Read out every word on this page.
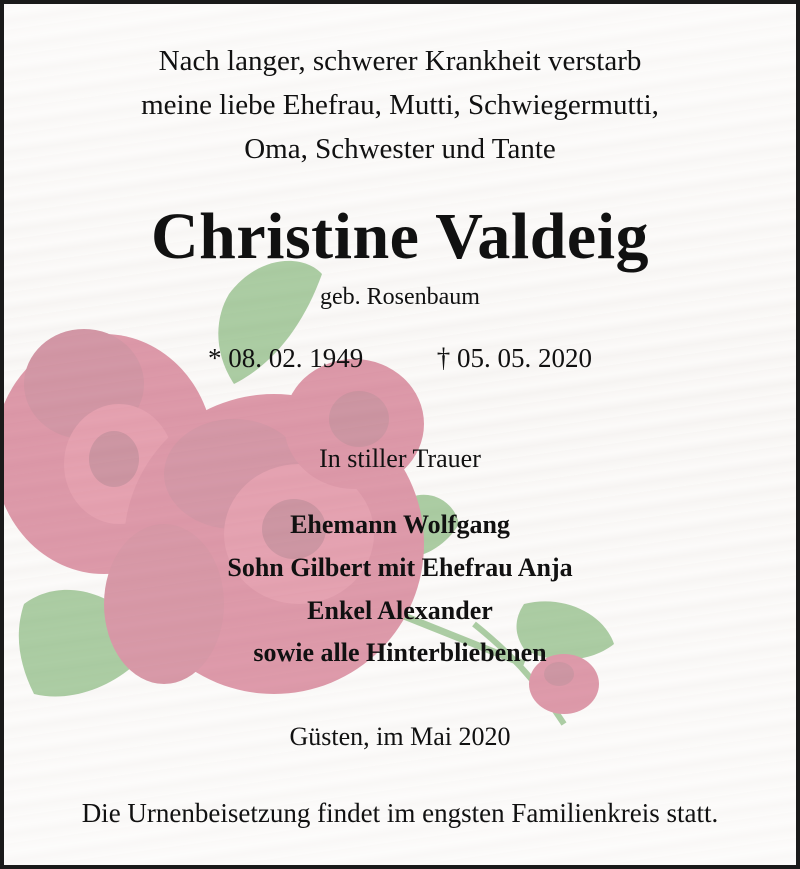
Nach langer, schwerer Krankheit verstarb
meine liebe Ehefrau, Mutti, Schwiegermutti,
Oma, Schwester und Tante
Christine Valdeig
geb. Rosenbaum
* 08. 02. 1949	† 05. 05. 2020
In stiller Trauer
Ehemann Wolfgang
Sohn Gilbert mit Ehefrau Anja
Enkel Alexander
sowie alle Hinterbliebenen
Güsten, im Mai 2020
Die Urnenbeisetzung findet im engsten Familienkreis statt.
